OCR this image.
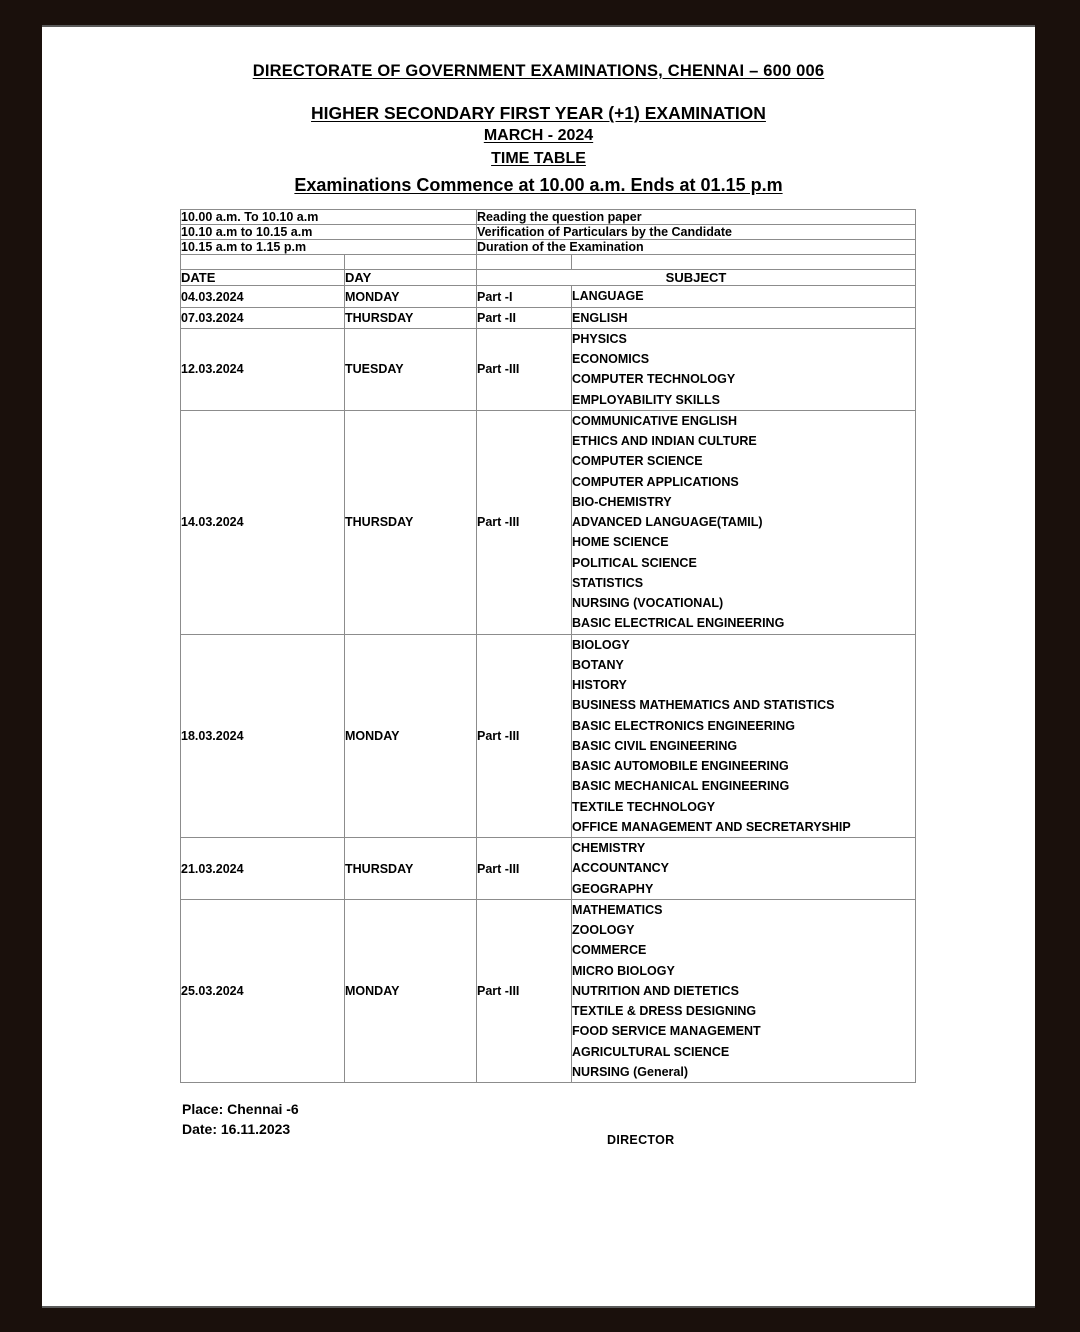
DIRECTORATE OF GOVERNMENT EXAMINATIONS, CHENNAI – 600 006
HIGHER SECONDARY FIRST YEAR (+1) EXAMINATION
MARCH - 2024
TIME TABLE
Examinations Commence at 10.00 a.m. Ends at 01.15 p.m
10.00 a.m. To 10.10 a.m		Reading the question paper	
10.10 a.m to 10.15 a.m		Verification of Particulars by the Candidate	
10.15 a.m to 1.15 p.m		Duration of the Examination	

DATE	DAY	SUBJECT	
04.03.2024	MONDAY	Part -I	LANGUAGE

07.03.2024	THURSDAY	Part -II	ENGLISH

12.03.2024	TUESDAY	Part -III	PHYSICS
ECONOMICS
COMPUTER TECHNOLOGY
EMPLOYABILITY SKILLS

14.03.2024	THURSDAY	Part -III	
COMMUNICATIVE ENGLISH
ETHICS AND INDIAN CULTURE
COMPUTER SCIENCE
COMPUTER APPLICATIONS
BIO-CHEMISTRY
ADVANCED LANGUAGE(TAMIL)
HOME SCIENCE
POLITICAL SCIENCE
STATISTICS
NURSING (VOCATIONAL)
BASIC ELECTRICAL ENGINEERING

18.03.2024	MONDAY	Part -III	
BIOLOGY
BOTANY
HISTORY
BUSINESS MATHEMATICS AND STATISTICS
BASIC ELECTRONICS ENGINEERING
BASIC CIVIL ENGINEERING
BASIC AUTOMOBILE ENGINEERING
BASIC MECHANICAL ENGINEERING
TEXTILE TECHNOLOGY
OFFICE MANAGEMENT AND SECRETARYSHIP

21.03.2024	THURSDAY	Part -III	CHEMISTRY
ACCOUNTANCY
GEOGRAPHY

25.03.2024	MONDAY	Part -III	
MATHEMATICS
ZOOLOGY
COMMERCE
MICRO BIOLOGY
NUTRITION AND DIETETICS
TEXTILE & DRESS DESIGNING
FOOD SERVICE MANAGEMENT
AGRICULTURAL SCIENCE
NURSING (General)
Place: Chennai -6
Date: 16.11.2023
DIRECTOR
